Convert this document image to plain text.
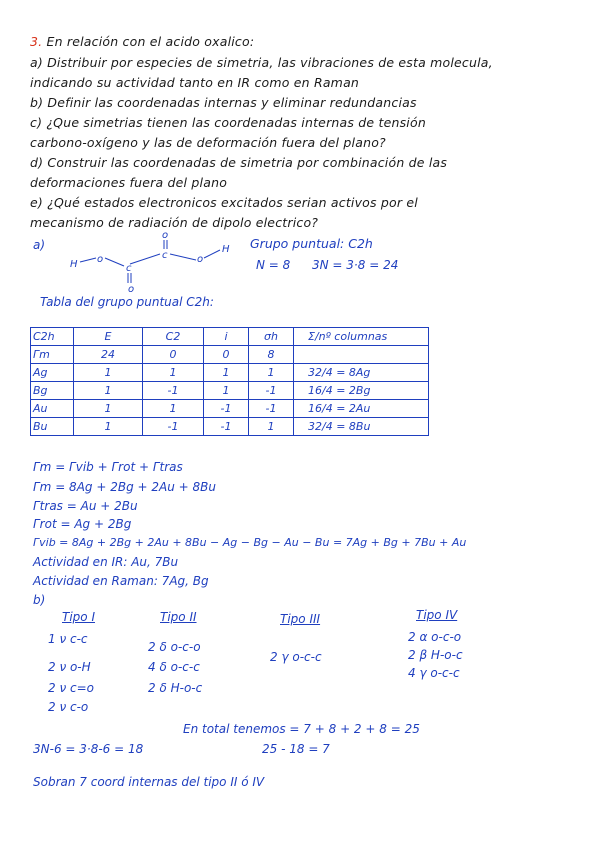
3. En relación con el acido oxalico:
a) Distribuir por especies de simetria, las vibraciones de esta molecula,
indicando su actividad tanto en IR como en Raman
b) Definir las coordenadas internas y eliminar redundancias
c) ¿Que simetrias tienen las coordenadas internas de tensión
carbono-oxígeno y las de deformación fuera del plano?
d) Construir las coordenadas de simetria por combinación de las
deformaciones fuera del plano
e) ¿Qué estados electronicos excitados serian activos por el
mecanismo de radiación de dipolo electrico?
a)
H o
c
o
c
o
o
H Grupo puntual: C2h
N = 8 3N = 3·8 = 24
Tabla del grupo puntual C2h:
C2h	E	C2	i	σh	Σ/nº columnas
Γm	24	0	0	8	
Ag	1	1	1	1	32/4 = 8Ag
Bg	1	-1	1	-1	16/4 = 2Bg
Au	1	1	-1	-1	16/4 = 2Au
Bu	1	-1	-1	1	32/4 = 8Bu
Γm = Γvib + Γrot + Γtras
Γm = 8Ag + 2Bg + 2Au + 8Bu
Γtras = Au + 2Bu
Γrot = Ag + 2Bg
Γvib = 8Ag + 2Bg + 2Au + 8Bu − Ag − Bg − Au − Bu = 7Ag + Bg + 7Bu + Au
Actividad en IR: Au, 7Bu
Actividad en Raman: 7Ag, Bg
b)
Tipo I
1 ν c-c
2 ν o-H
2 ν c=o
2 ν c-o
Tipo II
2 δ o-c-o
4 δ o-c-c
2 δ H-o-c
Tipo III
2 γ o-c-c
Tipo IV
2 α o-c-o
2 β H-o-c
4 γ o-c-c
En total tenemos = 7 + 8 + 2 + 8 = 25
3N-6 = 3·8-6 = 18	25 - 18 = 7
Sobran 7 coord internas del tipo II ó IV
